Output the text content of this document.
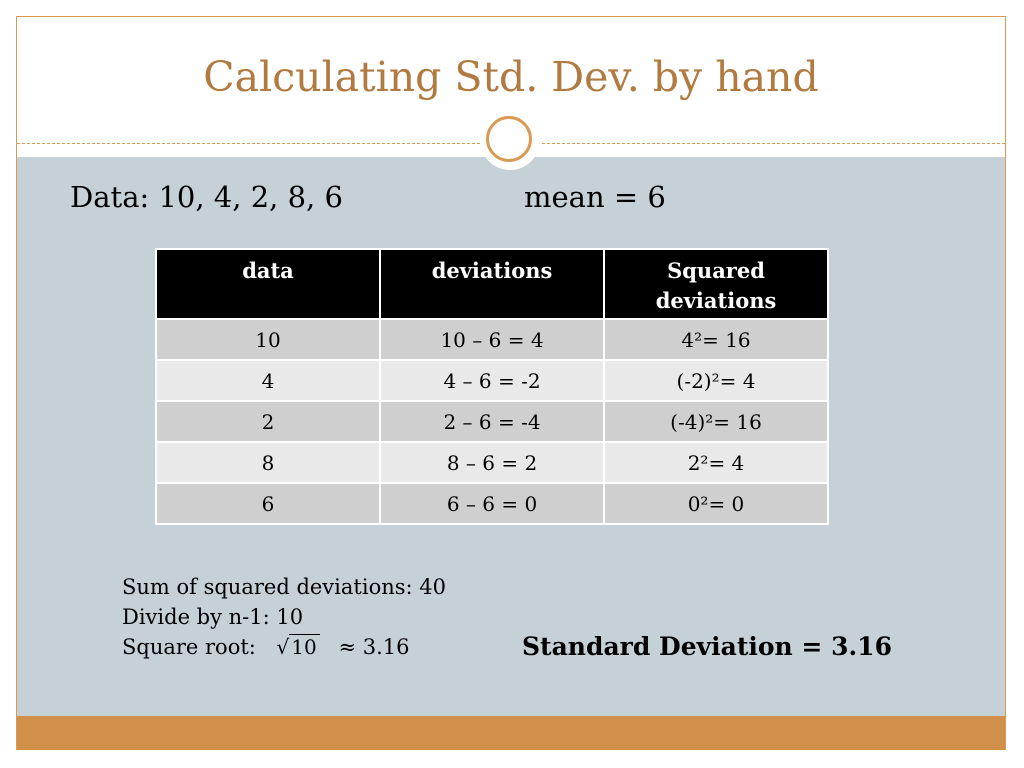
Calculating Std. Dev. by hand
Data: 10, 4, 2, 8, 6	mean = 6
data	deviations	Squared deviations
10	10 – 6 = 4	4²= 16
4	4 – 6 = -2	(-2)²= 4
2	2 – 6 = -4	(-4)²= 16
8	8 – 6 = 2	2²= 4
6	6 – 6 = 0	0²= 0
Sum of squared deviations: 40
Divide by n-1: 10
Square root: √ 10 ≈ 3.16	Standard Deviation = 3.16
